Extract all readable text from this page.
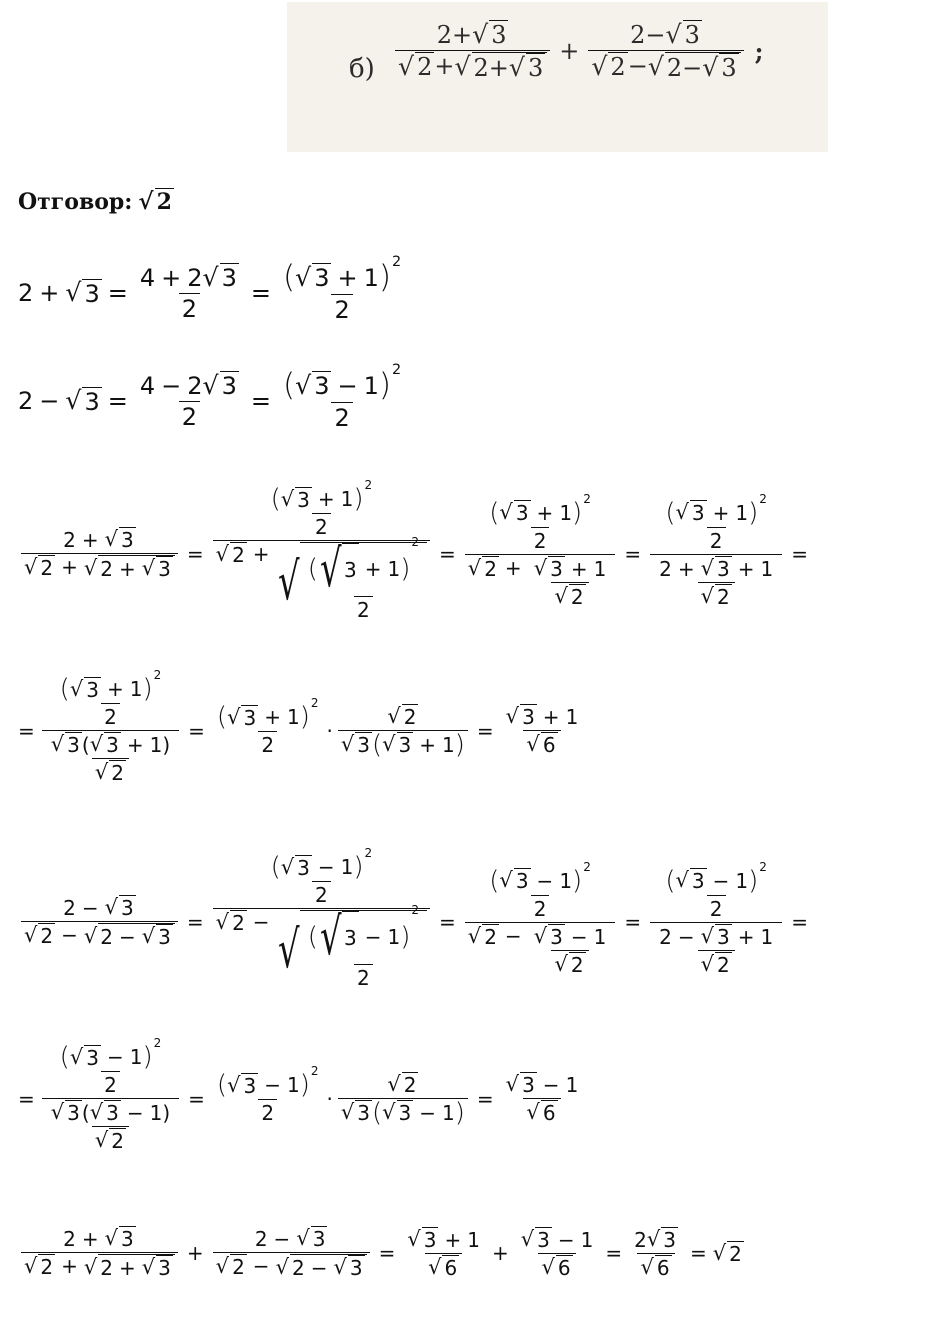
$б) \frac{2+ √ 3}{√ 2 + √ 2+ √ 3} + \frac{2- √ 3}{√ 2 - √ 2- √ 3}$ ;
Отговор: √ 2
2 + √ $3 = \frac{4 + 2 √ 3}{2} = \frac{( √ 3 + 1 ) 2}{2}$
2 − √ $3 = \frac{4 - 2 √ 3}{2} = \frac{( √ 3 - 1 ) 2}{2}$
$\frac{2 + √ 3}{√ 2 + √ 2 + √ 3} = \frac{( √ 3 + 1 ) 2}{2}$
√ 2 + √ ( √ 3 + 1 )
2
$2 = \frac{\frac{( √ 3 + 1 ) 2}{2}}{√ 2 + \frac{√ 3 + 1}{√ 2}} = \frac{\frac{( √ 3 + 1 ) 2}{2}}{\frac{2 + √ 3 + 1}{√ 2}}$ =
= $\frac{\frac{( √ 3 + 1 ) 2}{2}}{\frac{√ 3 ( √ 3 + 1 )}{√ 2}} = \frac{( √ 3 + 1 ) 2}{2} \cdot \frac{√ 2}{√ 3 ( √ 3 + 1 )} = \frac{√ 3 + 1}{√ 6}$
$\frac{2 - √ 3}{√ 2 - √ 2 - √ 3} = \frac{( √ 3 - 1 ) 2}{2}$
√ 2 − √ ( √ 3 − 1 )
2
$2 = \frac{\frac{( √ 3 - 1 ) 2}{2}}{√ 2 - \frac{√ 3 - 1}{√ 2}} = \frac{\frac{( √ 3 - 1 ) 2}{2}}{\frac{2 - √ 3 + 1}{√ 2}}$ =
= $\frac{\frac{( √ 3 - 1 ) 2}{2}}{\frac{√ 3 ( √ 3 - 1 )}{√ 2}} = \frac{( √ 3 - 1 ) 2}{2} \cdot \frac{√ 2}{√ 3 ( √ 3 - 1 )} = \frac{√ 3 - 1}{√ 6}$
$\frac{2 + √ 3}{√ 2 + √ 2 + √ 3} + \frac{2 - √ 3}{√ 2 - √ 2 - √ 3} = \frac{√ 3 + 1}{√ 6} + \frac{√ 3 - 1}{√ 6} = \frac{2 √ 3}{√ 6}$ = √ 2
